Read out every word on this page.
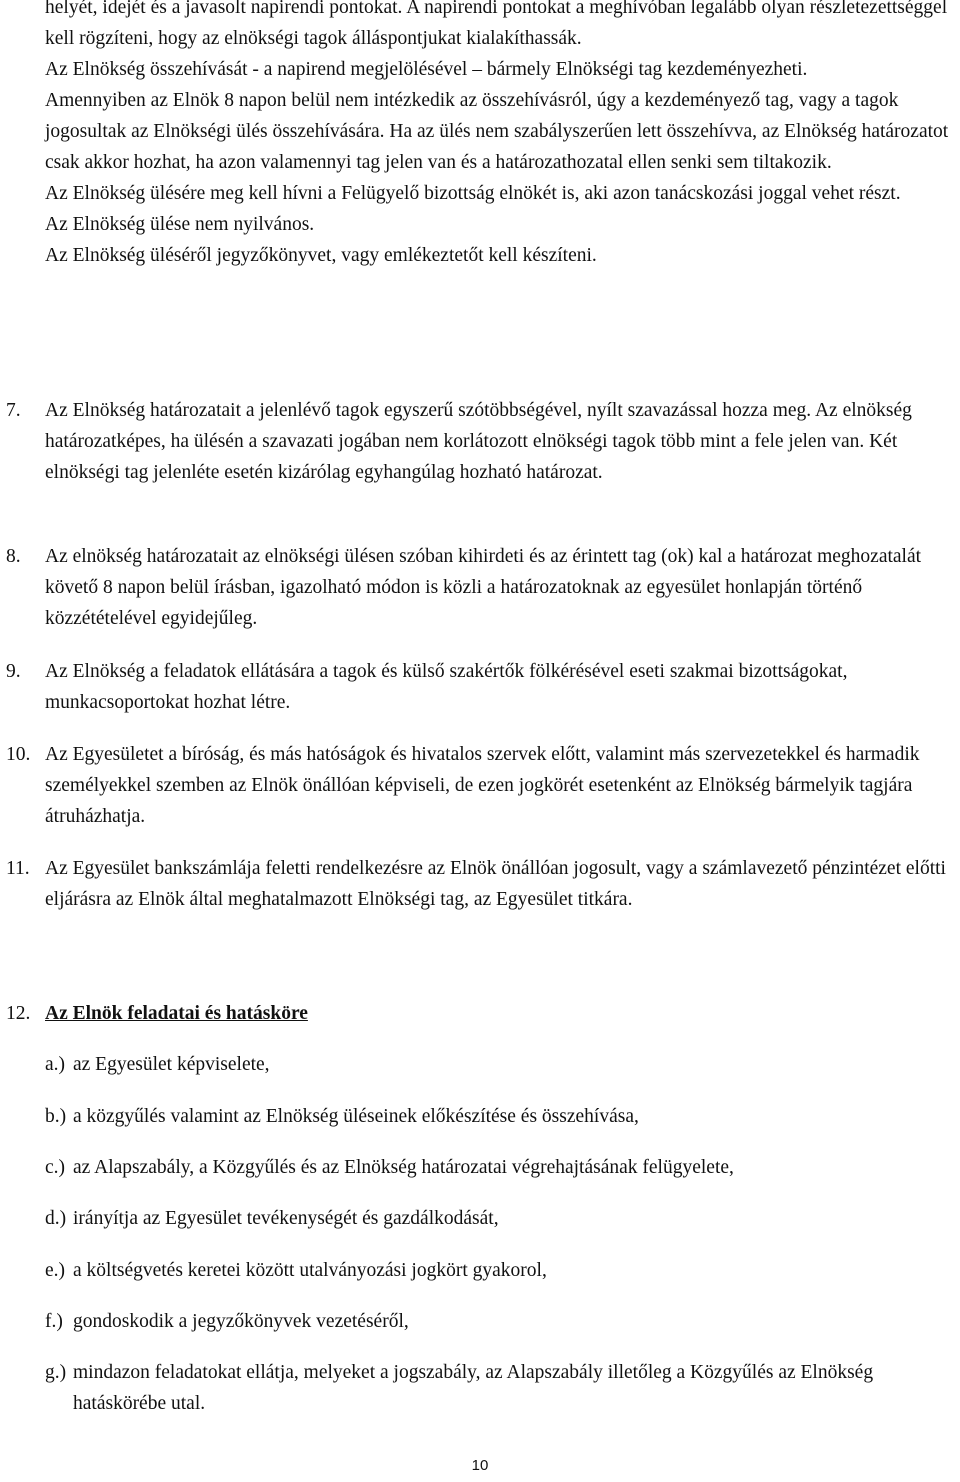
helyét, idejét és a javasolt napirendi pontokat. A napirendi pontokat a meghívóban legalább olyan részletezettséggel kell rögzíteni, hogy az elnökségi tagok álláspontjukat kialakíthassák.

Az Elnökség összehívását - a napirend megjelölésével – bármely Elnökségi tag kezdeményezheti.

Amennyiben az Elnök 8 napon belül nem intézkedik az összehívásról, úgy a kezdeményező tag, vagy a tagok jogosultak az Elnökségi ülés összehívására. Ha az ülés nem szabályszerűen lett összehívva, az Elnökség határozatot csak akkor hozhat, ha azon valamennyi tag jelen van és a határozathozatal ellen senki sem tiltakozik.

Az Elnökség ülésére meg kell hívni a Felügyelő bizottság elnökét is, aki azon tanácskozási joggal vehet részt.

Az Elnökség ülése nem nyilvános.

Az Elnökség üléséről jegyzőkönyvet, vagy emlékeztetőt kell készíteni.

7.	Az Elnökség határozatait a jelenlévő tagok egyszerű szótöbbségével, nyílt szavazással hozza meg. Az elnökség határozatképes, ha ülésén a szavazati jogában nem korlátozott elnökségi tagok több mint a fele jelen van. Két elnökségi tag jelenléte esetén kizárólag egyhangúlag hozható határozat.

8.	Az elnökség határozatait az elnökségi ülésen szóban kihirdeti és az érintett tag (ok) kal a határozat meghozatalát követő 8 napon belül írásban, igazolható módon is közli a határozatoknak az egyesület honlapján történő közzétételével egyidejűleg.

9.	Az Elnökség a feladatok ellátására a tagok és külső szakértők fölkérésével eseti szakmai bizottságokat, munkacsoportokat hozhat létre.

10. Az Egyesületet a bíróság, és más hatóságok és hivatalos szervek előtt, valamint más szervezetekkel és harmadik személyekkel szemben az Elnök önállóan képviseli, de ezen jogkörét esetenként az Elnökség bármelyik tagjára átruházhatja.

11. Az Egyesület bankszámlája feletti rendelkezésre az Elnök önállóan jogosult, vagy a számlavezető pénzintézet előtti eljárásra az Elnök által meghatalmazott Elnökségi tag, az Egyesület titkára.

12. Az Elnök feladatai és hatásköre
a.) az Egyesület képviselete,

b.) a közgyűlés valamint az Elnökség üléseinek előkészítése és összehívása,

c.) az Alapszabály, a Közgyűlés és az Elnökség határozatai végrehajtásának felügyelete,

d.) irányítja az Egyesület tevékenységét és gazdálkodását,

e.) a költségvetés keretei között utalványozási jogkört gyakorol,

f.) gondoskodik a jegyzőkönyvek vezetéséről,

g.) mindazon feladatokat ellátja, melyeket a jogszabály, az Alapszabály illetőleg a Közgyűlés az Elnökség hatáskörébe utal.

10
